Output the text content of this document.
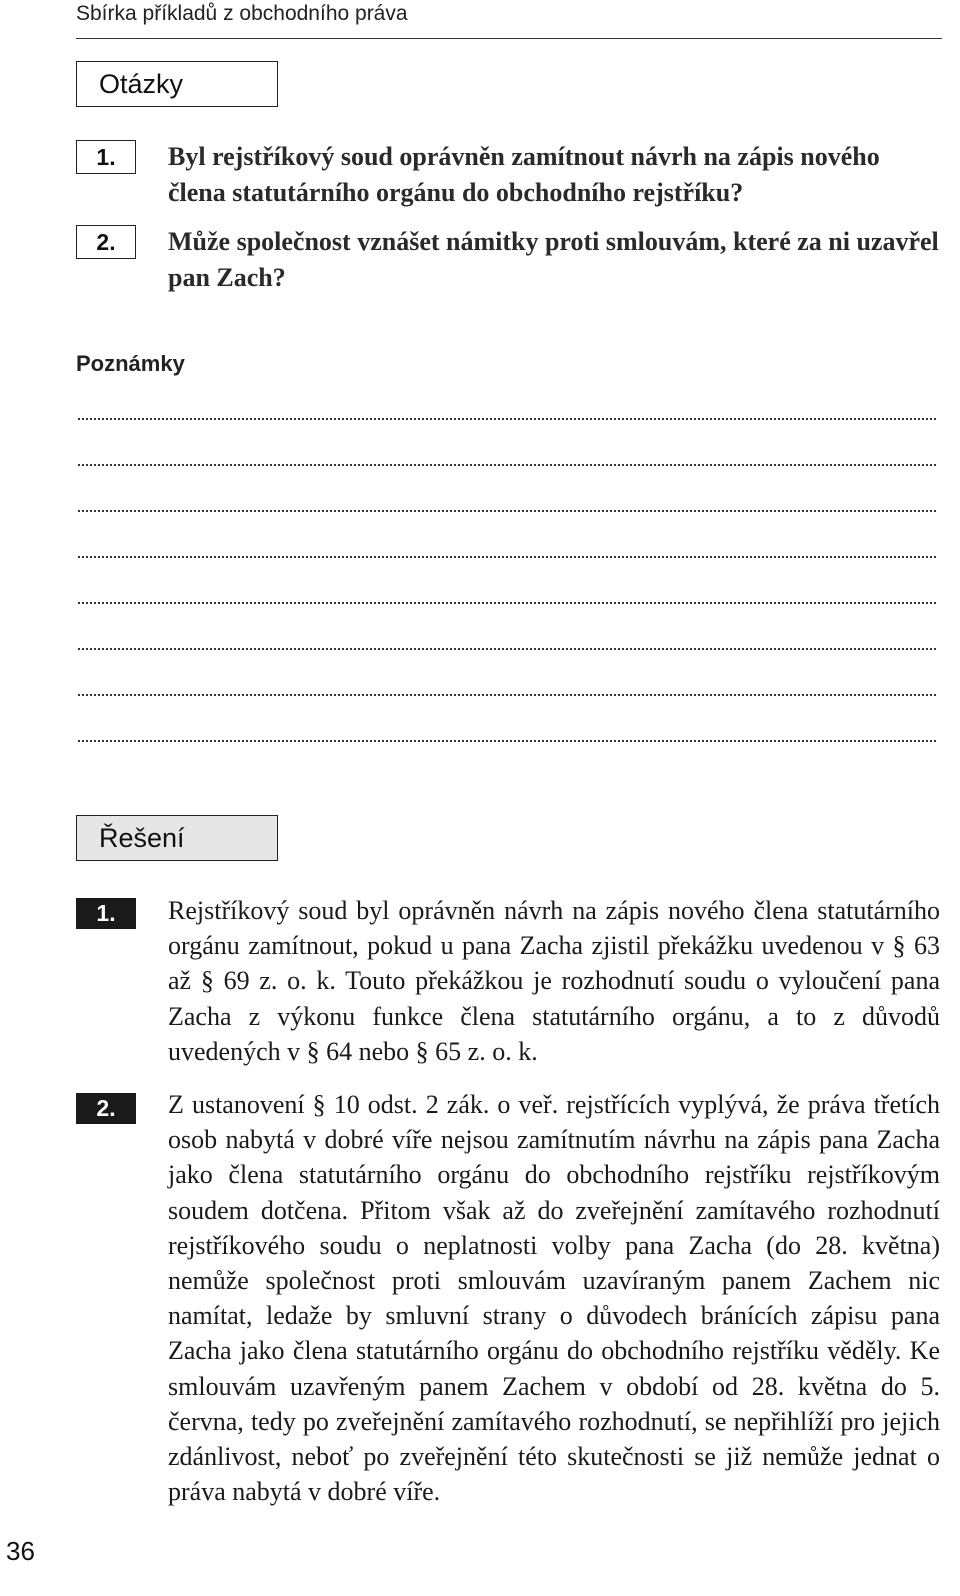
Sbírka příkladů z obchodního práva
Otázky
1.	Byl rejstříkový soud oprávněn zamítnout návrh na zápis nového člena statutárního orgánu do obchodního rejstříku?
2.	Může společnost vznášet námitky proti smlouvám, které za ni uzavřel pan Zach?
Poznámky
Řešení
1.	Rejstříkový soud byl oprávněn návrh na zápis nového člena statutárního orgánu zamítnout, pokud u pana Zacha zjistil překážku uvedenou v § 63 až § 69 z. o. k. Touto překážkou je rozhodnutí soudu o vyloučení pana Zacha z výkonu funkce člena statutárního orgánu, a to z důvodů uvedených v § 64 nebo § 65 z. o. k.
2.	Z ustanovení § 10 odst. 2 zák. o veř. rejstřících vyplývá, že práva třetích osob nabytá v dobré víře nejsou zamítnutím návrhu na zápis pana Zacha jako člena statutárního orgánu do obchodního rejstříku rejstříkovým soudem dotčena. Přitom však až do zveřejnění zamítavého rozhodnutí rejstříkového soudu o neplatnosti volby pana Zacha (do 28. května) nemůže společnost proti smlouvám uzavíraným panem Zachem nic namítat, ledaže by smluvní strany o důvodech bránících zápisu pana Zacha jako člena statutárního orgánu do obchodního rejstříku věděly. Ke smlouvám uzavřeným panem Zachem v období od 28. května do 5. června, tedy po zveřejnění zamítavého rozhodnutí, se nepřihlíží pro jejich zdánlivost, neboť po zveřejnění této skutečnosti se již nemůže jednat o práva nabytá v dobré víře.
36
